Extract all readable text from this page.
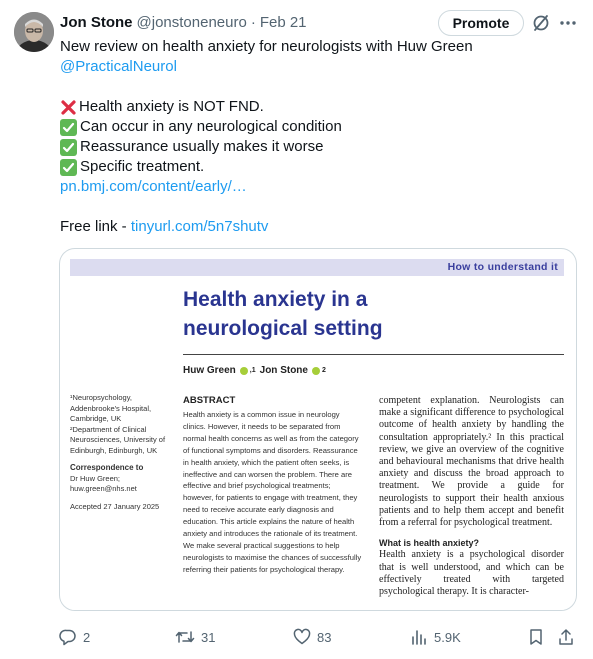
Jon Stone @jonstoneneuro · Feb 21	Promote
New review on health anxiety for neurologists with Huw Green
@PracticalNeurol
Health anxiety is NOT FND.
Can occur in any neurological condition
Reassurance usually makes it worse
Specific treatment.
pn.bmj.com/content/early/…
Free link - tinyurl.com/5n7shutv
How to understand it
Health anxiety in a
neurological setting
Huw Green ,1 Jon Stone 2
¹Neuropsychology, Addenbrooke's Hospital, Cambridge, UK
²Department of Clinical Neurosciences, University of Edinburgh, Edinburgh, UK
Correspondence to
Dr Huw Green; huw.green@nhs.net
Accepted 27 January 2025
ABSTRACT
Health anxiety is a common issue in neurology clinics. However, it needs to be separated from normal health concerns as well as from the category of functional symptoms and disorders. Reassurance in health anxiety, which the patient often seeks, is ineffective and can worsen the problem. There are effective and brief psychological treatments; however, for patients to engage with treatment, they need to receive accurate early diagnosis and education. This article explains the nature of health anxiety and introduces the rationale of its treatment. We make several practical suggestions to help neurologists to maximise the chances of successfully referring their patients for psychological therapy.
competent explanation. Neurologists can make a significant difference to psychological outcome of health anxiety by handling the consultation appropriately.² In this practical review, we give an overview of the cognitive and behavioural mechanisms that drive health anxiety and discuss the broad approach to treatment. We provide a guide for neurologists to support their health anxious patients and to help them accept and benefit from a referral for psychological treatment.
What is health anxiety?
Health anxiety is a psychological disorder that is well understood, and which can be effectively treated with targeted psychological therapy. It is character-
2	31	83	5.9K
